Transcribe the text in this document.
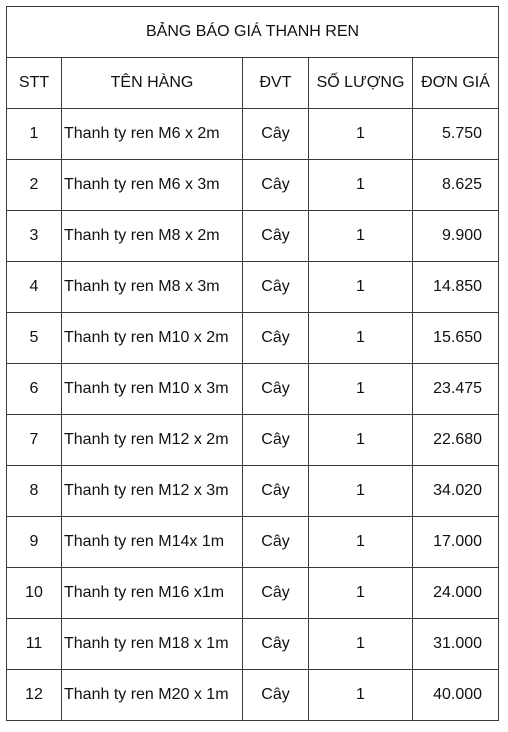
BẢNG BÁO GIÁ THANH REN				
STT	TÊN HÀNG	ĐVT	SỐ LƯỢNG	ĐƠN GIÁ
1	Thanh ty ren M6 x 2m	Cây	1	5.750
2	Thanh ty ren M6 x 3m	Cây	1	8.625
3	Thanh ty ren M8 x 2m	Cây	1	9.900
4	Thanh ty ren M8 x 3m	Cây	1	14.850
5	Thanh ty ren M10 x 2m	Cây	1	15.650
6	Thanh ty ren M10 x 3m	Cây	1	23.475
7	Thanh ty ren M12 x 2m	Cây	1	22.680
8	Thanh ty ren M12 x 3m	Cây	1	34.020
9	Thanh ty ren M14x 1m	Cây	1	17.000
10	Thanh ty ren M16 x1m	Cây	1	24.000
11	Thanh ty ren M18 x 1m	Cây	1	31.000
12	Thanh ty ren M20 x 1m	Cây	1	40.000
